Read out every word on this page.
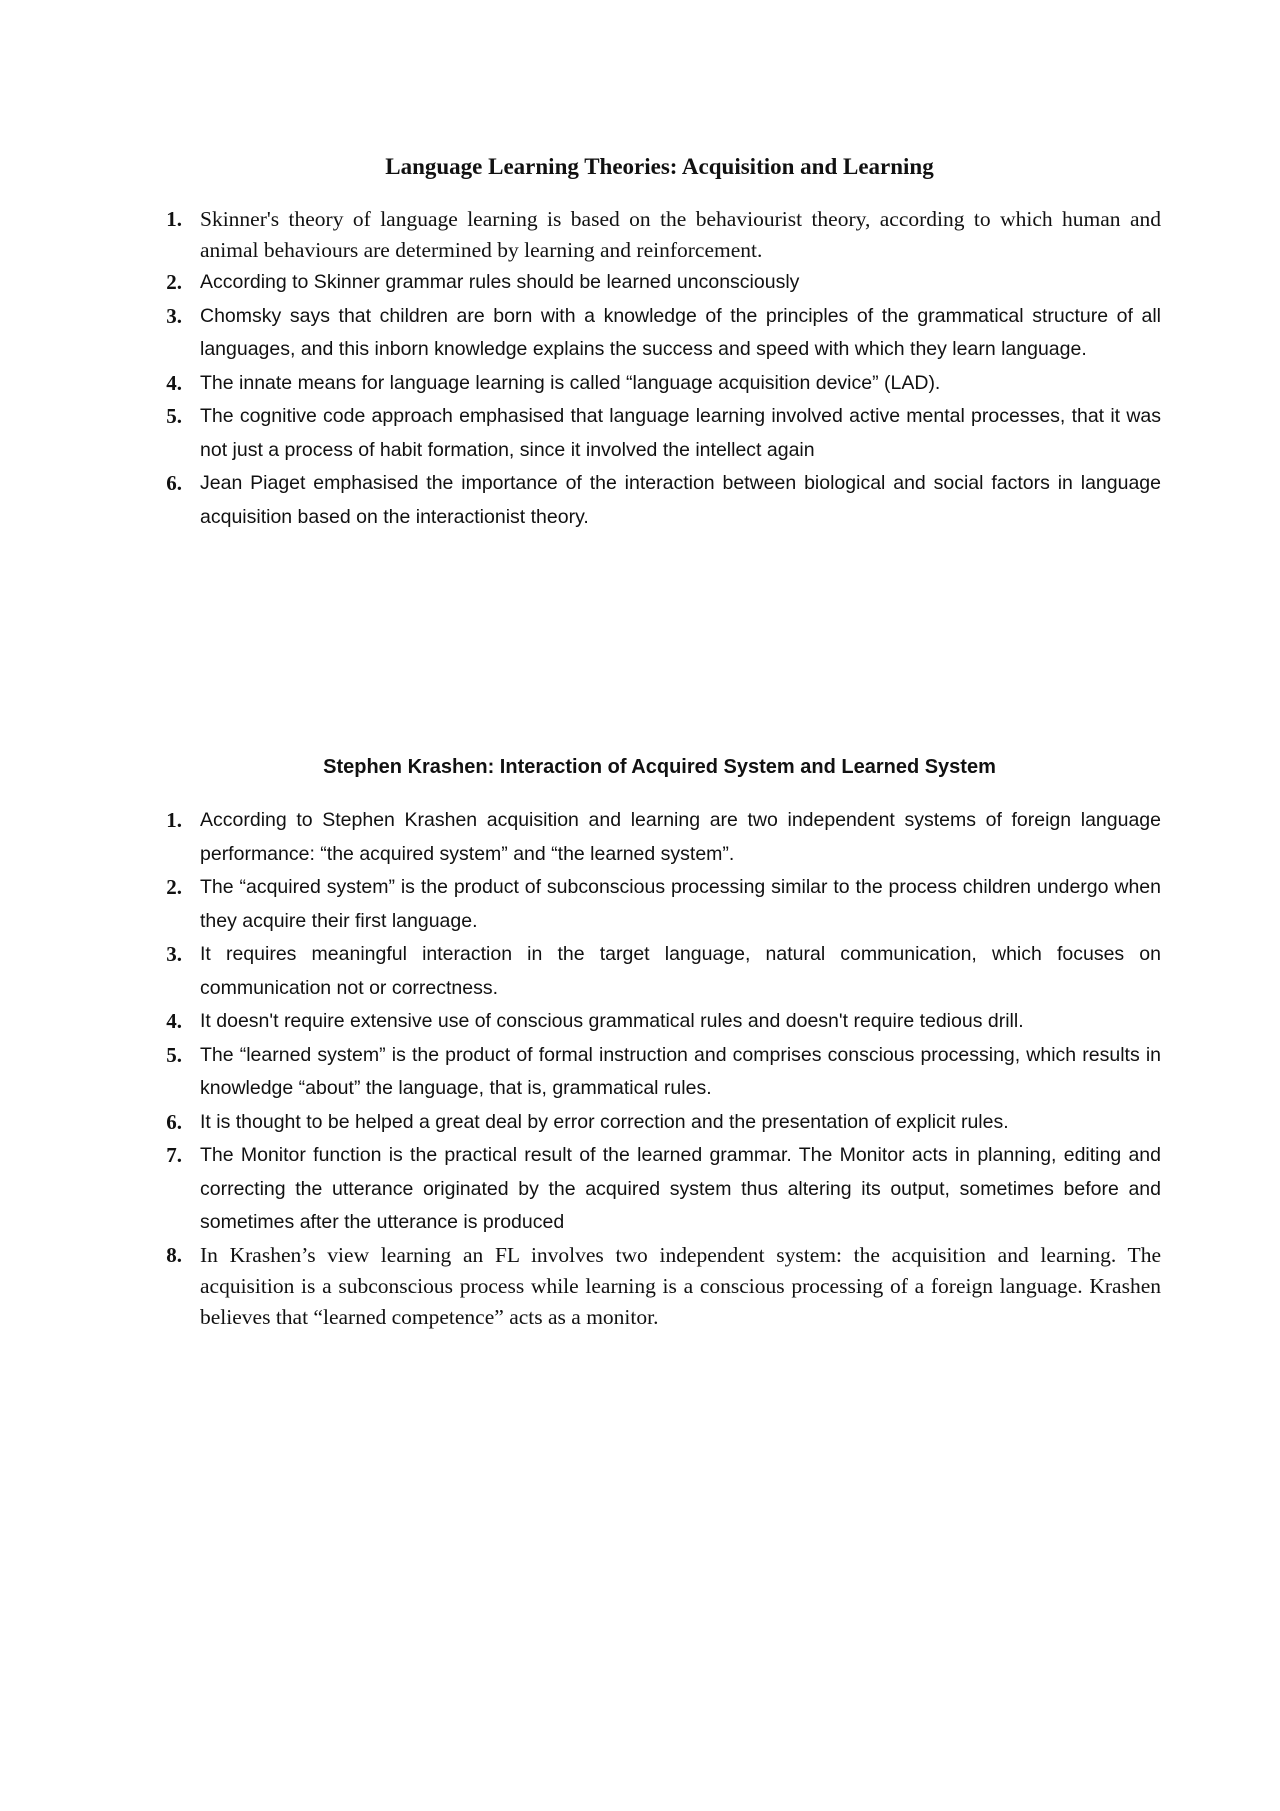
Language Learning Theories: Acquisition and Learning
1. Skinner's theory of language learning is based on the behaviourist theory, according to which human and animal behaviours are determined by learning and reinforcement.
2. According to Skinner grammar rules should be learned unconsciously
3. Chomsky says that children are born with a knowledge of the principles of the grammatical structure of all languages, and this inborn knowledge explains the success and speed with which they learn language.
4. The innate means for language learning is called “language acquisition device” (LAD).
5. The cognitive code approach emphasised that language learning involved active mental processes, that it was not just a process of habit formation, since it involved the intellect again
6. Jean Piaget emphasised the importance of the interaction between biological and social factors in language acquisition based on the interactionist theory.
Stephen Krashen: Interaction of Acquired System and Learned System
1. According to Stephen Krashen acquisition and learning are two independent systems of foreign language performance: “the acquired system” and “the learned system”.
2. The “acquired system” is the product of subconscious processing similar to the process children undergo when they acquire their first language.
3. It requires meaningful interaction in the target language, natural communication, which focuses on communication not or correctness.
4. It doesn't require extensive use of conscious grammatical rules and doesn't require tedious drill.
5. The “learned system” is the product of formal instruction and comprises conscious processing, which results in knowledge “about” the language, that is, grammatical rules.
6. It is thought to be helped a great deal by error correction and the presentation of explicit rules.
7. The Monitor function is the practical result of the learned grammar. The Monitor acts in planning, editing and correcting the utterance originated by the acquired system thus altering its output, sometimes before and sometimes after the utterance is produced
8. In Krashen’s view learning an FL involves two independent system: the acquisition and learning. The acquisition is a subconscious process while learning is a conscious processing of a foreign language. Krashen believes that “learned competence” acts as a monitor.
